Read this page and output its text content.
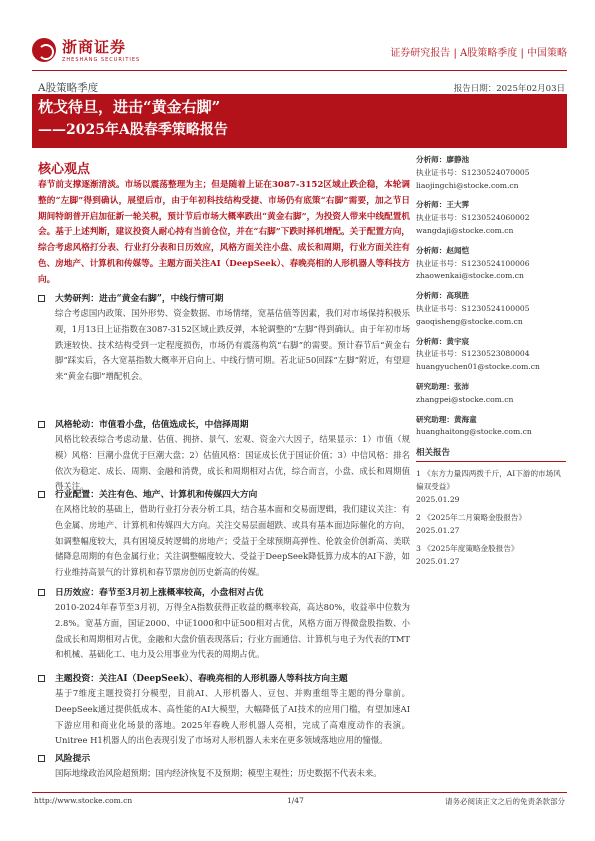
浙商证券
ZHESHANG SECURITIES
证券研究报告 | A股策略季度 | 中国策略
A股策略季度	报告日期：2025年02月03日
枕戈待旦，进击“黄金右脚”
——2025年A股春季策略报告
核心观点
春节前支撑逐渐清淡。市场以震荡整理为主；但是随着上证在3087-3152区域止跌企稳，本轮调整的“左脚”得到确认，展望后市，由于年初科技结构受捷、市场仍有底策“右脚”需要，加之节日期间特朗普开启加征新一轮关税，预计节后市场大概率跌出“黄金右脚”，为投资人带来中线配置机会。基于上述判断，建议投资人耐心持有当前仓位，并在“右脚”下跌时择机增配。关于配置方向，综合考虑风格打分表、行业打分表和日历效应，风格方面关注小盘、成长和周期，行业方面关注有色、房地产、计算机和传媒等。主题方面关注AI（DeepSeek）、春晚亮相的人形机器人等科技方向。
大势研判：进击“黄金右脚”，中线行情可期
综合考虑国内政策、国外形势、资金数据、市场情绪，宽基估值等因素，我们对市场保持积极乐观，1月13日上证指数在3087-3152区域止跌反弹，本轮调整的“左脚”得到确认。由于年初市场跌速较快、技术结构受到一定程度损伤，市场仍有震荡构筑“右脚”的需要。预计春节后“黄金右脚”踩实后，各大宽基指数大概率开启向上、中线行情可期。若北证50回踩“左脚”附近，有望迎来“黄金右脚”增配机会。
风格轮动：市值看小盘，估值选成长，中信择周期
风格比较表综合考虑动量、估值、拥挤、景气、宏观、资金六大因子，结果显示：1）市值（规模）风格：巨潮小盘优于巨潮大盘；2）估值风格：国证成长优于国证价值；3）中信风格：排名依次为稳定、成长、周期、金融和消费，成长和周期相对占优，综合而言，小盘、成长和周期值得关注。
行业配置：关注有色、地产、计算机和传媒四大方向
在风格比较的基础上，借助行业打分表分析工具，结合基本面和交易面逻辑，我们建议关注：有色金属、房地产、计算机和传媒四大方向。关注交易层面超跌、或具有基本面边际催化的方向，如调整幅度较大，具有困境反转逻辑的房地产；受益于全球预期高弹性、伦敦金价创新高、美联储降息周期的有色金属行业；关注调整幅度较大、受益于DeepSeek降低算力成本的AI下游，如行业维持高景气的计算机和春节票房创历史新高的传媒。
日历效应：春节至3月初上涨概率较高，小盘相对占优
2010-2024年春节至3月初，万得全A指数获得正收益的概率较高，高达80%，收益率中位数为2.8%。宽基方面，国证2000、中证1000和中证500相对占优，风格方面万得微盘股指数、小盘成长和周期相对占优，金融和大盘价值表现落后；行业方面通信、计算机与电子为代表的TMT和机械、基础化工、电力及公用事业为代表的周期占优。
主题投资：关注AI（DeepSeek）、春晚亮相的人形机器人等科技方向主题
基于7维度主题投资打分模型，目前AI、人形机器人、豆包、并购重组等主题的得分靠前。DeepSeek通过提供低成本、高性能的AI大模型，大幅降低了AI技术的应用门槛，有望加速AI下游应用和商业化场景的落地。2025年春晚人形机器人亮相，完成了高难度动作的表演。Unitree H1机器人的出色表现引发了市场对人形机器人未来在更多领域落地应用的憧憬。
风险提示
国际地缘政治风险超预期；国内经济恢复不及预期；模型主观性；历史数据不代表未来。
分析师：廖静池
执业证书号：S1230524070005
liaojingchi@stocke.com.cn
分析师：王大霁
执业证书号：S1230524060002
wangdaji@stocke.com.cn
分析师：赵闻恺
执业证书号：S1230524100006
zhaowenkai@stocke.com.cn
分析师：高琪胜
执业证书号：S1230524100005
gaoqisheng@stocke.com.cn
分析师：黄宇宸
执业证书号：S1230523080004
huangyuchen01@stocke.com.cn
研究助理：张沛
zhangpei@stocke.com.cn
研究助理：黄海童
huanghaitong@stocke.com.cn
相关报告
1 《东方力量四两拨千斤，AI下游的市场风偏双受益》
2025.01.29
2 《2025年二月策略金股报告》
2025.01.27
3 《2025年度策略金股报告》
2025.01.27
http://www.stocke.com.cn	1/47	请务必阅读正文之后的免责条款部分
